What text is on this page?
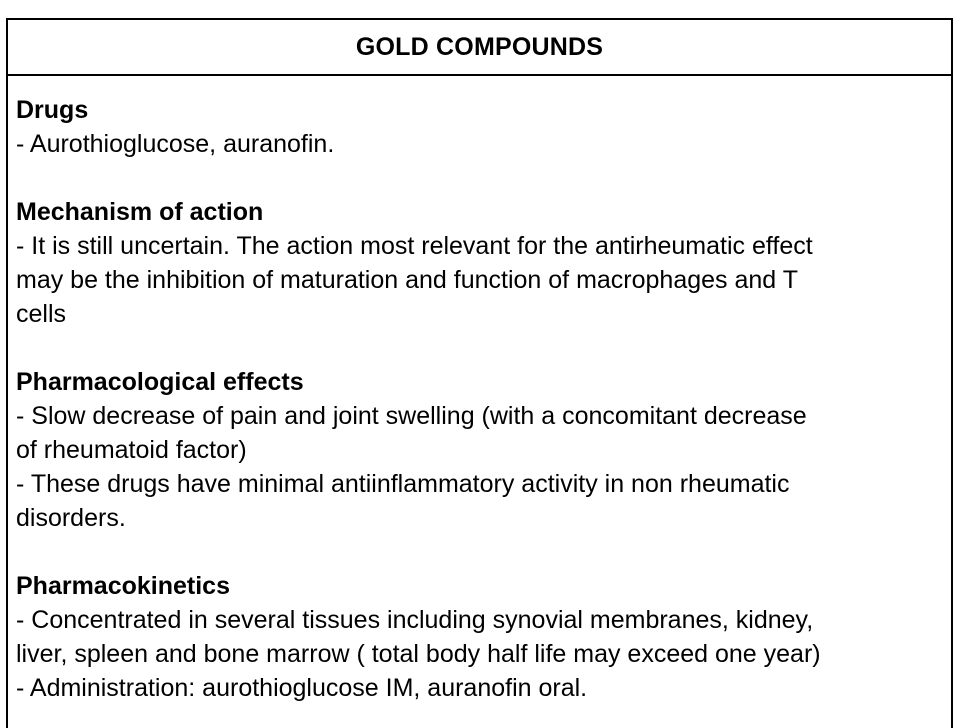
GOLD COMPOUNDS
Drugs
- Aurothioglucose, auranofin.
Mechanism of action
- It is still uncertain. The action most relevant for the antirheumatic effect
may be the inhibition of maturation and function of macrophages and T
cells
Pharmacological effects
- Slow decrease of pain and joint swelling (with a concomitant decrease
of rheumatoid factor)
- These drugs have minimal antiinflammatory activity in non rheumatic
disorders.
Pharmacokinetics
- Concentrated in several tissues including synovial membranes, kidney,
liver, spleen and bone marrow ( total body half life may exceed one year)
- Administration: aurothioglucose IM, auranofin oral.
